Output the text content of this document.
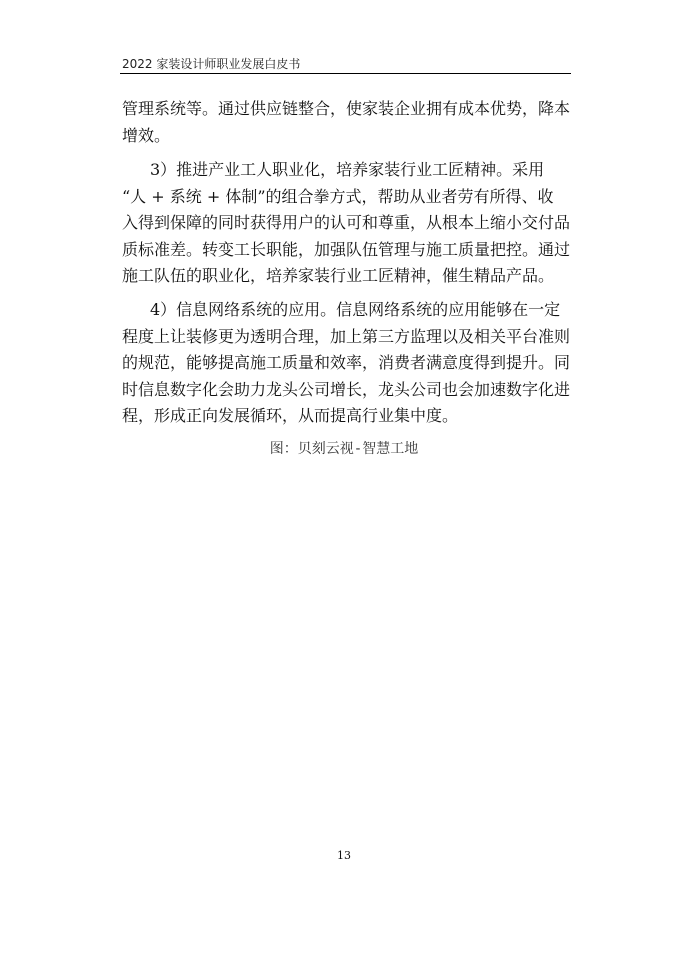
2022 家装设计师职业发展白皮书
管理系统等。通过供应链整合，使家装企业拥有成本优势，降本
增效。
3）推进产业工人职业化，培养家装行业工匠精神。采用
“人 + 系统 + 体制”的组合拳方式，帮助从业者劳有所得、收
入得到保障的同时获得用户的认可和尊重，从根本上缩小交付品
质标准差。转变工长职能，加强队伍管理与施工质量把控。通过
施工队伍的职业化，培养家装行业工匠精神，催生精品产品。
4）信息网络系统的应用。信息网络系统的应用能够在一定
程度上让装修更为透明合理，加上第三方监理以及相关平台准则
的规范，能够提高施工质量和效率，消费者满意度得到提升。同
时信息数字化会助力龙头公司增长，龙头公司也会加速数字化进
程，形成正向发展循环，从而提高行业集中度。
图：贝刻云视-智慧工地
13
